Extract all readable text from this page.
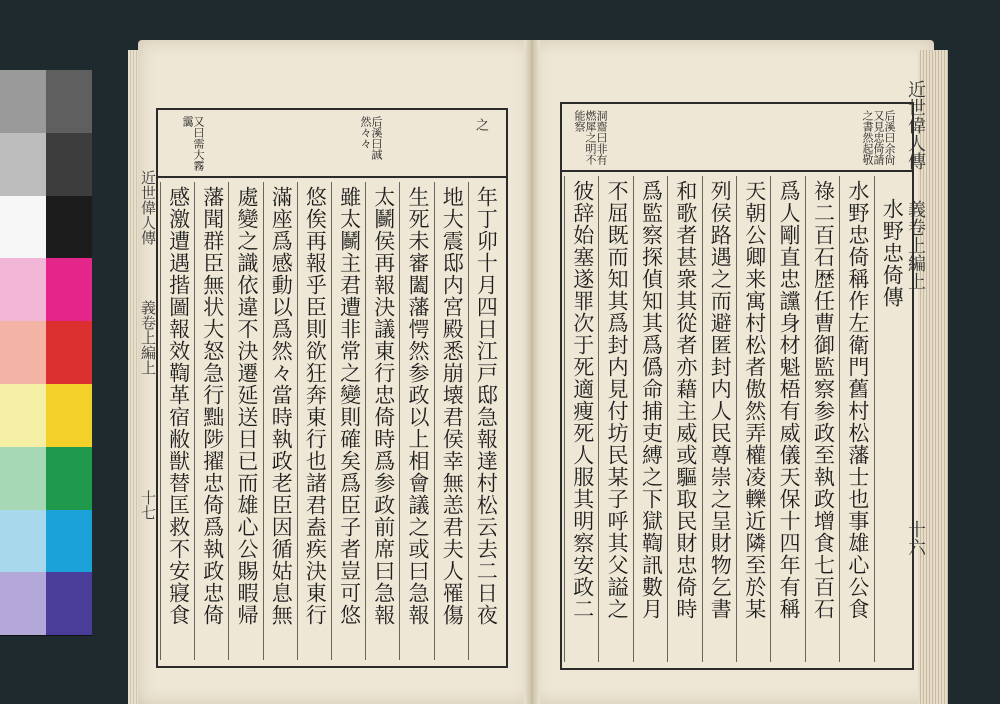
近世偉人傳
義卷上編上
十七
之
后溪曰誠然々々
又曰需大霧靄
年丁卯十月四日江戸邸急報達村松云去二日夜
地大震邸内宮殿悉崩壊君侯幸無恙君夫人罹傷
生死未審闔藩愕然参政以上相會議之或曰急報
太鬭侯再報決議東行忠倚時爲参政前席曰急報
雖太鬭主君遭非常之變則確矣爲臣子者豈可悠
悠俟再報乎臣則欲狂奔東行也諸君盍疾決東行
滿座爲感動以爲然々當時執政老臣因循姑息無
處變之識依違不決遷延送日已而雄心公賜暇帰
藩聞群臣無状大怒急行黜陟擢忠倚爲執政忠倚
感激遭遇揩圖報效鞫革宿敝獣替匡救不安寢食
后溪曰余尙又見忠倚請之書然起敬
洞齋曰非有燃犀之明不能察
水野忠倚傳
水野忠倚稱作左衛門舊村松藩士也事雄心公食
祿二百石歴任曹御監察参政至執政增食七百石
爲人剛直忠讜身材魁梧有威儀天保十四年有稱
天朝公卿来寓村松者傲然弄權凌轢近隣至於某
列侯路遇之而避匿封内人民尊崇之呈財物乞書
和歌者甚衆其從者亦藉主威或驅取民財忠倚時
爲監察探偵知其爲僞命捕吏縛之下獄鞫訊數月
不屈既而知其爲封内見付坊民某子呼其父謚之
彼辞始塞遂罪次于死適痩死人服其明察安政二
近世偉人傳
義卷上編上
十六
